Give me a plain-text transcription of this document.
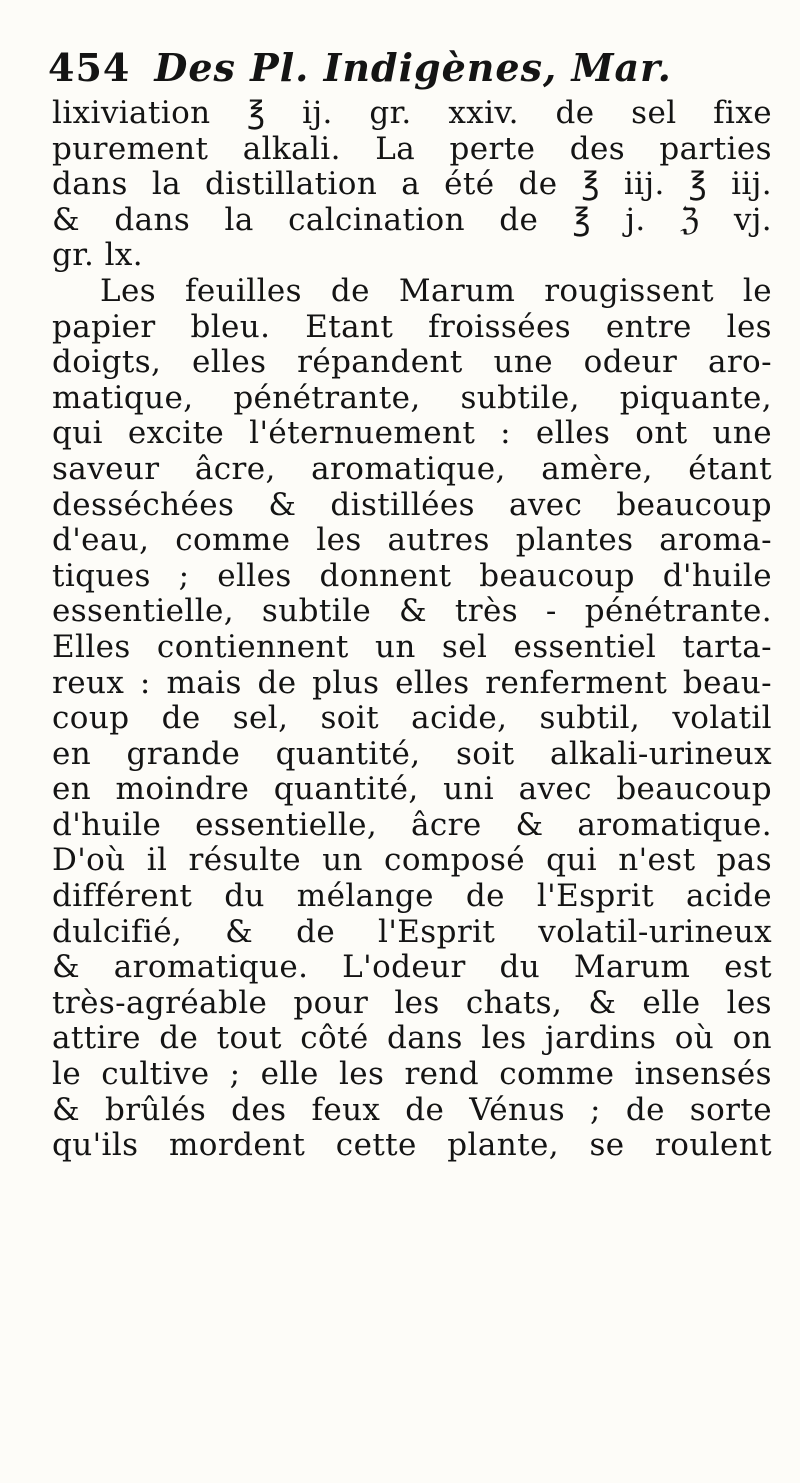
454 Des Pl. Indigènes, Mar.
lixiviation ℥ ij. gr. xxiv. de sel fixe
purement alkali. La perte des parties
dans la distillation a été de ℥ iij. ℥ iij.
& dans la calcination de ℥ j. ℨ vj.
gr. lx.
Les feuilles de Marum rougissent le
papier bleu. Etant froissées entre les
doigts, elles répandent une odeur aro-
matique, pénétrante, subtile, piquante,
qui excite l'éternuement : elles ont une
saveur âcre, aromatique, amère, étant
desséchées & distillées avec beaucoup
d'eau, comme les autres plantes aroma-
tiques ; elles donnent beaucoup d'huile
essentielle, subtile & très - pénétrante.
Elles contiennent un sel essentiel tarta-
reux : mais de plus elles renferment beau-
coup de sel, soit acide, subtil, volatil
en grande quantité, soit alkali-urineux
en moindre quantité, uni avec beaucoup
d'huile essentielle, âcre & aromatique.
D'où il résulte un composé qui n'est pas
différent du mélange de l'Esprit acide
dulcifié, & de l'Esprit volatil-urineux
& aromatique. L'odeur du Marum est
très-agréable pour les chats, & elle les
attire de tout côté dans les jardins où on
le cultive ; elle les rend comme insensés
& brûlés des feux de Vénus ; de sorte
qu'ils mordent cette plante, se roulent
